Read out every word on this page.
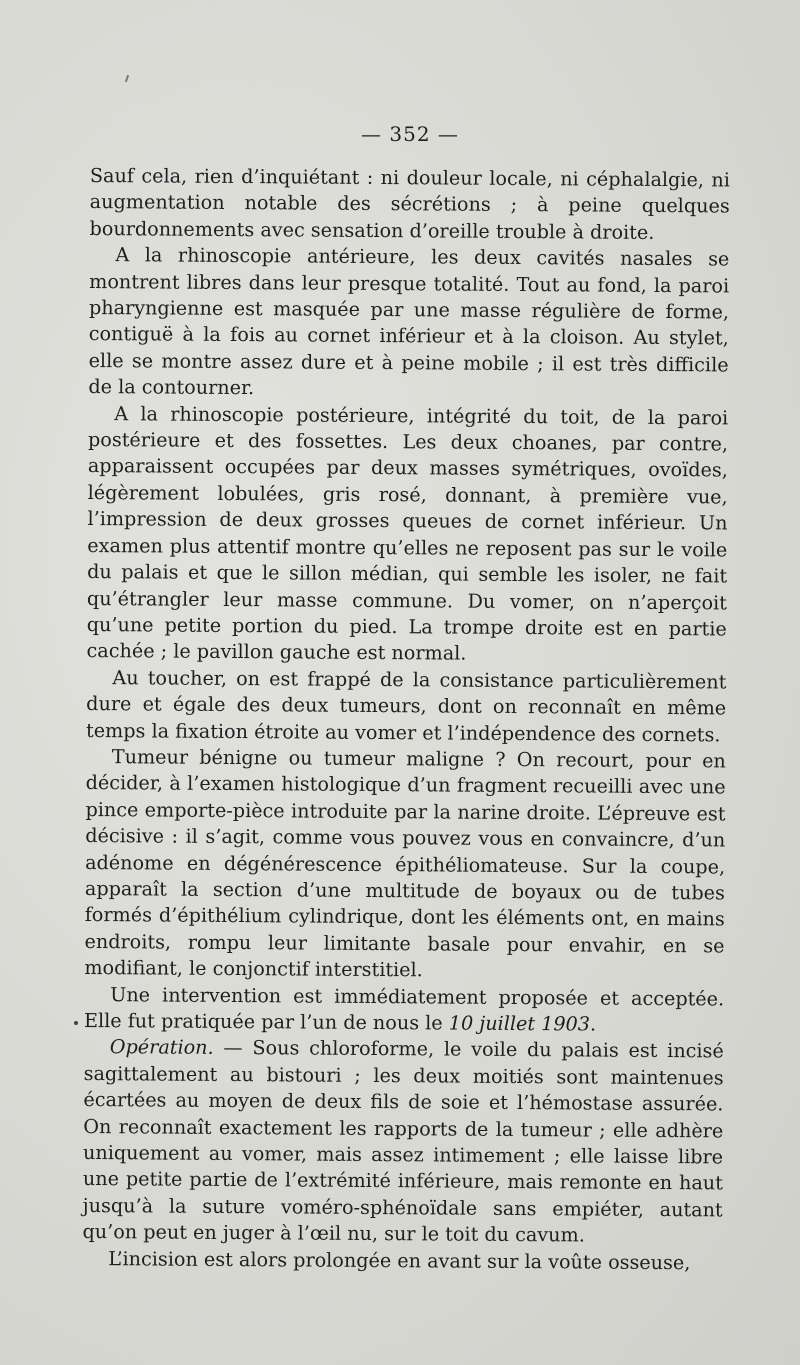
— 352 —

Sauf cela, rien d’inquiétant : ni douleur locale, ni céphalalgie, ni augmentation notable des sécrétions ; à peine quelques bourdonnements avec sensation d’oreille trouble à droite.

A la rhinoscopie antérieure, les deux cavités nasales se montrent libres dans leur presque totalité. Tout au fond, la paroi pharyngienne est masquée par une masse régulière de forme, contiguë à la fois au cornet inférieur et à la cloison. Au stylet, elle se montre assez dure et à peine mobile ; il est très difficile de la contourner.

A la rhinoscopie postérieure, intégrité du toit, de la paroi postérieure et des fossettes. Les deux choanes, par contre, apparaissent occupées par deux masses symétriques, ovoïdes, légèrement lobulées, gris rosé, donnant, à première vue, l’impression de deux grosses queues de cornet inférieur. Un examen plus attentif montre qu’elles ne reposent pas sur le voile du palais et que le sillon médian, qui semble les isoler, ne fait qu’étrangler leur masse commune. Du vomer, on n’aperçoit qu’une petite portion du pied. La trompe droite est en partie cachée ; le pavillon gauche est normal.

Au toucher, on est frappé de la consistance particulièrement dure et égale des deux tumeurs, dont on reconnaît en même temps la fixation étroite au vomer et l’indépendence des cornets.

Tumeur bénigne ou tumeur maligne ? On recourt, pour en décider, à l’examen histologique d’un fragment recueilli avec une pince emporte-pièce introduite par la narine droite. L’épreuve est décisive : il s’agit, comme vous pouvez vous en convaincre, d’un adénome en dégénérescence épithéliomateuse. Sur la coupe, apparaît la section d’une multitude de boyaux ou de tubes formés d’épithélium cylindrique, dont les éléments ont, en mains endroits, rompu leur limitante basale pour envahir, en se modifiant, le conjonctif interstitiel.

Une intervention est immédiatement proposée et acceptée. Elle fut pratiquée par l’un de nous le 10 juillet 1903.

Opération. — Sous chloroforme, le voile du palais est incisé sagittalement au bistouri ; les deux moitiés sont maintenues écartées au moyen de deux fils de soie et l’hémostase assurée. On reconnaît exactement les rapports de la tumeur ; elle adhère uniquement au vomer, mais assez intimement ; elle laisse libre une petite partie de l’extrémité inférieure, mais remonte en haut jusqu’à la suture voméro-sphénoïdale sans empiéter, autant qu’on peut en juger à l’œil nu, sur le toit du cavum.

L’incision est alors prolongée en avant sur la voûte osseuse,
